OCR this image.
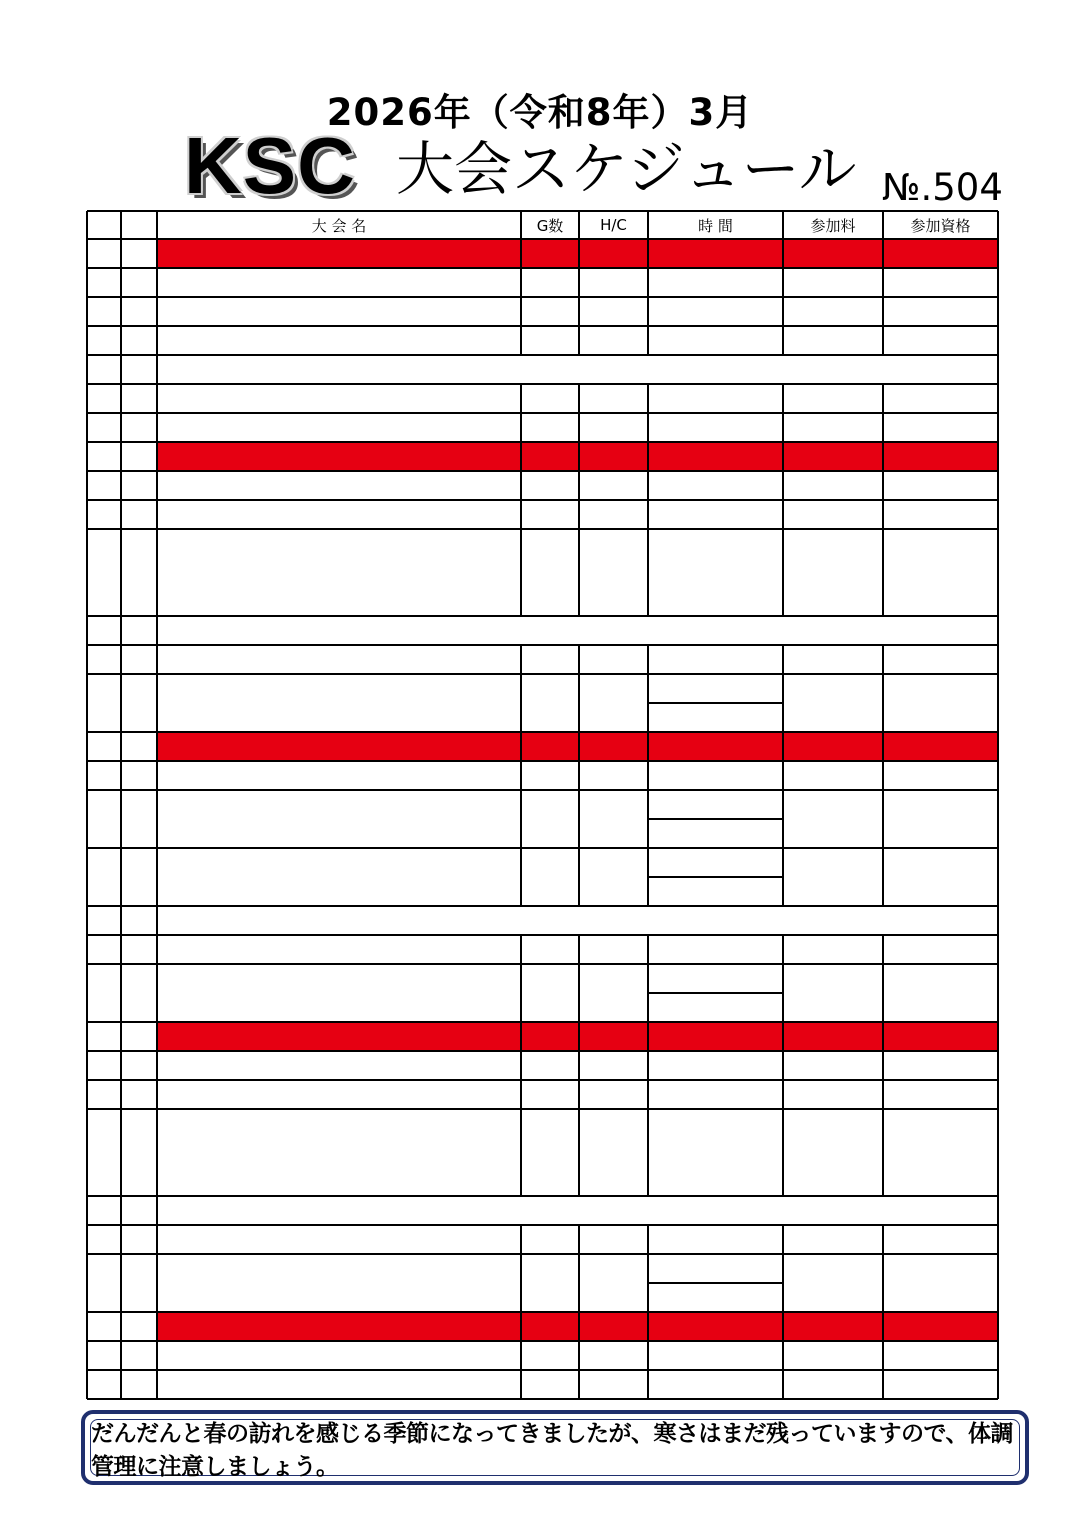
2026年（令和8年）3月
KSC 大会スケジュール №.504
大 会 名	G数	H/C	時 間	参加料	参加資格
だんだんと春の訪れを感じる季節になってきましたが、寒さはまだ残っていますので、体調管理に注意しましょう。
